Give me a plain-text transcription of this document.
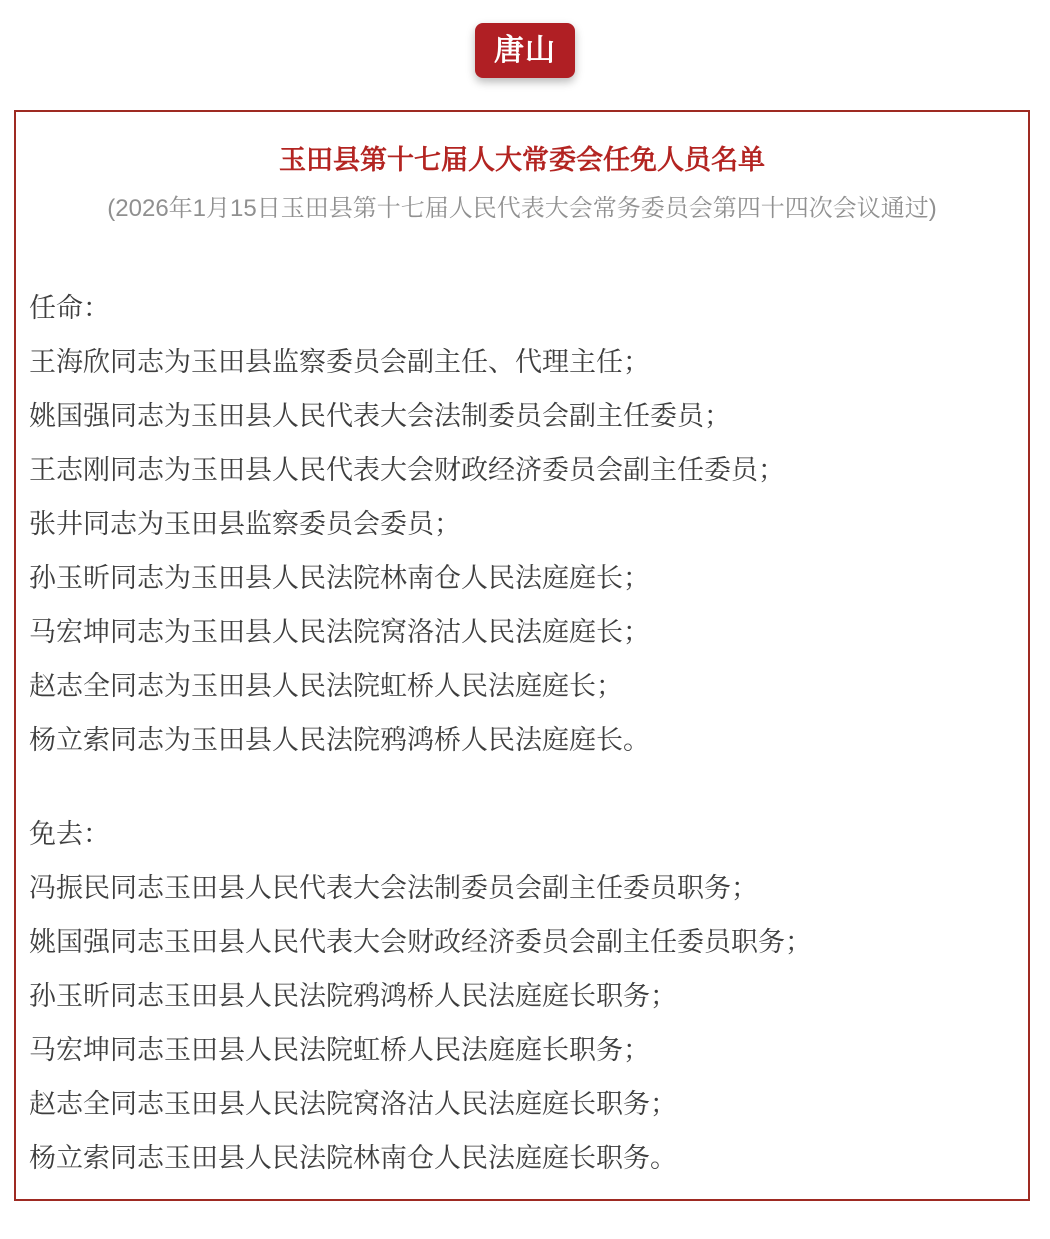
唐山
玉田县第十七届人大常委会任免人员名单

(2026年1月15日玉田县第十七届人民代表大会常务委员会第四十四次会议通过)

任命：

王海欣同志为玉田县监察委员会副主任、代理主任；

姚国强同志为玉田县人民代表大会法制委员会副主任委员；

王志刚同志为玉田县人民代表大会财政经济委员会副主任委员；

张井同志为玉田县监察委员会委员；

孙玉昕同志为玉田县人民法院林南仓人民法庭庭长；

马宏坤同志为玉田县人民法院窝洛沽人民法庭庭长；

赵志全同志为玉田县人民法院虹桥人民法庭庭长；

杨立索同志为玉田县人民法院鸦鸿桥人民法庭庭长。

免去：

冯振民同志玉田县人民代表大会法制委员会副主任委员职务；

姚国强同志玉田县人民代表大会财政经济委员会副主任委员职务；

孙玉昕同志玉田县人民法院鸦鸿桥人民法庭庭长职务；

马宏坤同志玉田县人民法院虹桥人民法庭庭长职务；

赵志全同志玉田县人民法院窝洛沽人民法庭庭长职务；

杨立索同志玉田县人民法院林南仓人民法庭庭长职务。
